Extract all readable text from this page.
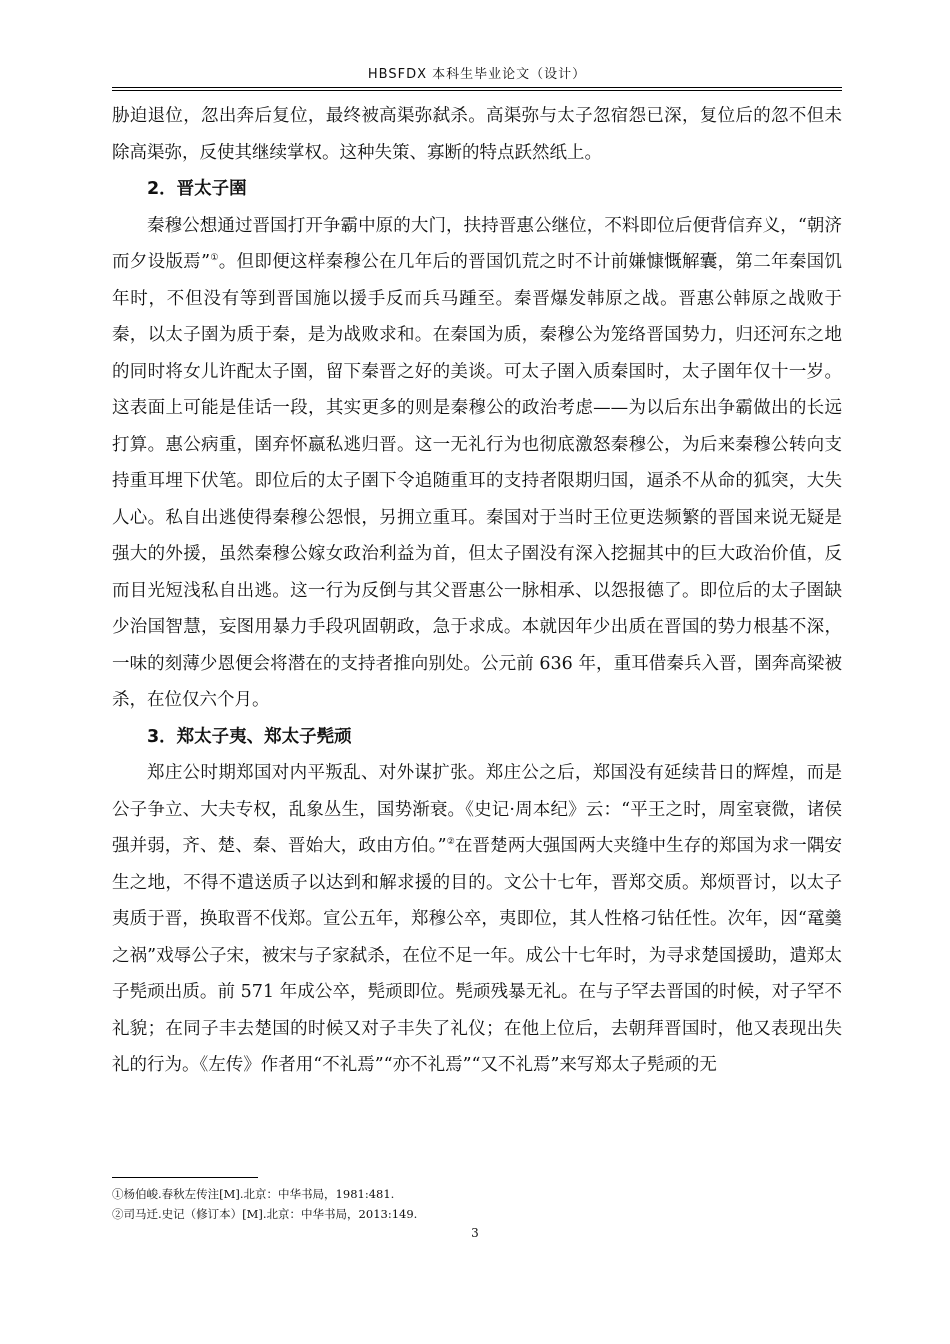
HBSFDX 本科生毕业论文（设计）

胁迫退位，忽出奔后复位，最终被高渠弥弑杀。高渠弥与太子忽宿怨已深，复位后的忽不但未除高渠弥，反使其继续掌权。这种失策、寡断的特点跃然纸上。

2．晋太子圉

秦穆公想通过晋国打开争霸中原的大门，扶持晋惠公继位，不料即位后便背信弃义，“朝济而夕设版焉”①。但即便这样秦穆公在几年后的晋国饥荒之时不计前嫌慷慨解囊，第二年秦国饥年时，不但没有等到晋国施以援手反而兵马踵至。秦晋爆发韩原之战。晋惠公韩原之战败于秦，以太子圉为质于秦，是为战败求和。在秦国为质，秦穆公为笼络晋国势力，归还河东之地的同时将女儿许配太子圉，留下秦晋之好的美谈。可太子圉入质秦国时，太子圉年仅十一岁。这表面上可能是佳话一段，其实更多的则是秦穆公的政治考虑——为以后东出争霸做出的长远打算。惠公病重，圉弃怀嬴私逃归晋。这一无礼行为也彻底激怒秦穆公，为后来秦穆公转向支持重耳埋下伏笔。即位后的太子圉下令追随重耳的支持者限期归国，逼杀不从命的狐突，大失人心。私自出逃使得秦穆公怨恨，另拥立重耳。秦国对于当时王位更迭频繁的晋国来说无疑是强大的外援，虽然秦穆公嫁女政治利益为首，但太子圉没有深入挖掘其中的巨大政治价值，反而目光短浅私自出逃。这一行为反倒与其父晋惠公一脉相承、以怨报德了。即位后的太子圉缺少治国智慧，妄图用暴力手段巩固朝政，急于求成。本就因年少出质在晋国的势力根基不深，一味的刻薄少恩便会将潜在的支持者推向别处。公元前 636 年，重耳借秦兵入晋，圉奔高梁被杀，在位仅六个月。

3．郑太子夷、郑太子髡顽

郑庄公时期郑国对内平叛乱、对外谋扩张。郑庄公之后，郑国没有延续昔日的辉煌，而是公子争立、大夫专权，乱象丛生，国势渐衰。《史记·周本纪》云：“平王之时，周室衰微，诸侯强并弱，齐、楚、秦、晋始大，政由方伯。”②在晋楚两大强国两大夹缝中生存的郑国为求一隅安生之地，不得不遣送质子以达到和解求援的目的。文公十七年，晋郑交质。郑烦晋讨，以太子夷质于晋，换取晋不伐郑。宣公五年，郑穆公卒，夷即位，其人性格刁钻任性。次年，因“鼋羹之祸”戏辱公子宋，被宋与子家弑杀，在位不足一年。成公十七年时，为寻求楚国援助，遣郑太子髡顽出质。前 571 年成公卒，髡顽即位。髡顽残暴无礼。在与子罕去晋国的时候，对子罕不礼貌；在同子丰去楚国的时候又对子丰失了礼仪；在他上位后，去朝拜晋国时，他又表现出失礼的行为。《左传》作者用“不礼焉”“亦不礼焉”“又不礼焉”来写郑太子髡顽的无

①杨伯峻.春秋左传注[M].北京：中华书局，1981:481.

②司马迁.史记（修订本）[M].北京：中华书局，2013:149.

3
